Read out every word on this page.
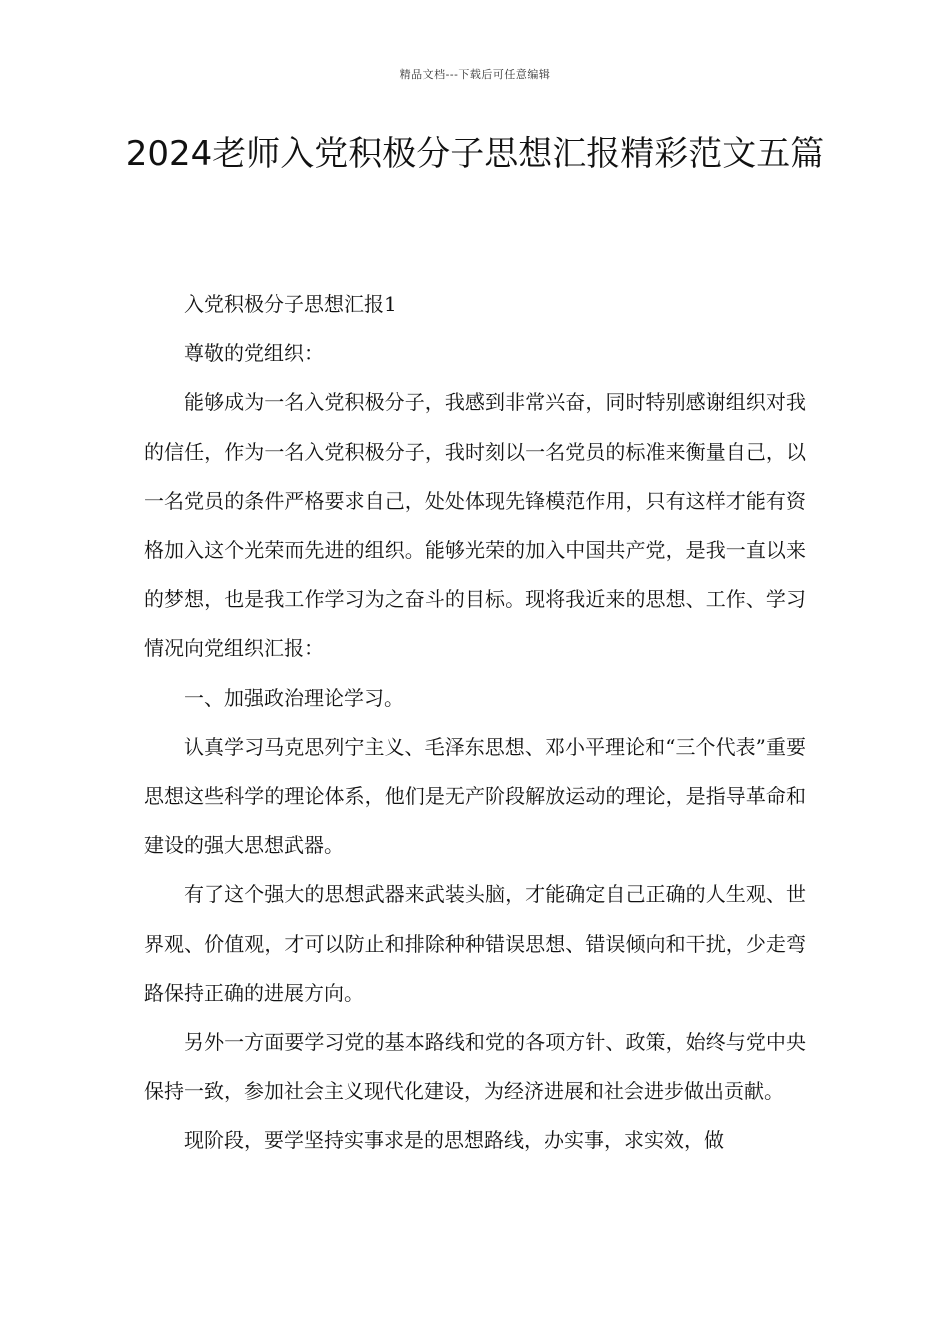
精品文档---下载后可任意编辑
2024老师入党积极分子思想汇报精彩范文五篇

入党积极分子思想汇报1

尊敬的党组织：

能够成为一名入党积极分子，我感到非常兴奋，同时特别感谢组织对我的信任，作为一名入党积极分子，我时刻以一名党员的标准来衡量自己，以一名党员的条件严格要求自己，处处体现先锋模范作用，只有这样才能有资格加入这个光荣而先进的组织。能够光荣的加入中国共产党，是我一直以来的梦想，也是我工作学习为之奋斗的目标。现将我近来的思想、工作、学习情况向党组织汇报：

一、加强政治理论学习。

认真学习马克思列宁主义、毛泽东思想、邓小平理论和“三个代表”重要思想这些科学的理论体系，他们是无产阶段解放运动的理论，是指导革命和建设的强大思想武器。

有了这个强大的思想武器来武装头脑，才能确定自己正确的人生观、世界观、价值观，才可以防止和排除种种错误思想、错误倾向和干扰，少走弯路保持正确的进展方向。

另外一方面要学习党的基本路线和党的各项方针、政策，始终与党中央保持一致，参加社会主义现代化建设，为经济进展和社会进步做出贡献。

现阶段，要学坚持实事求是的思想路线，办实事，求实效，做
